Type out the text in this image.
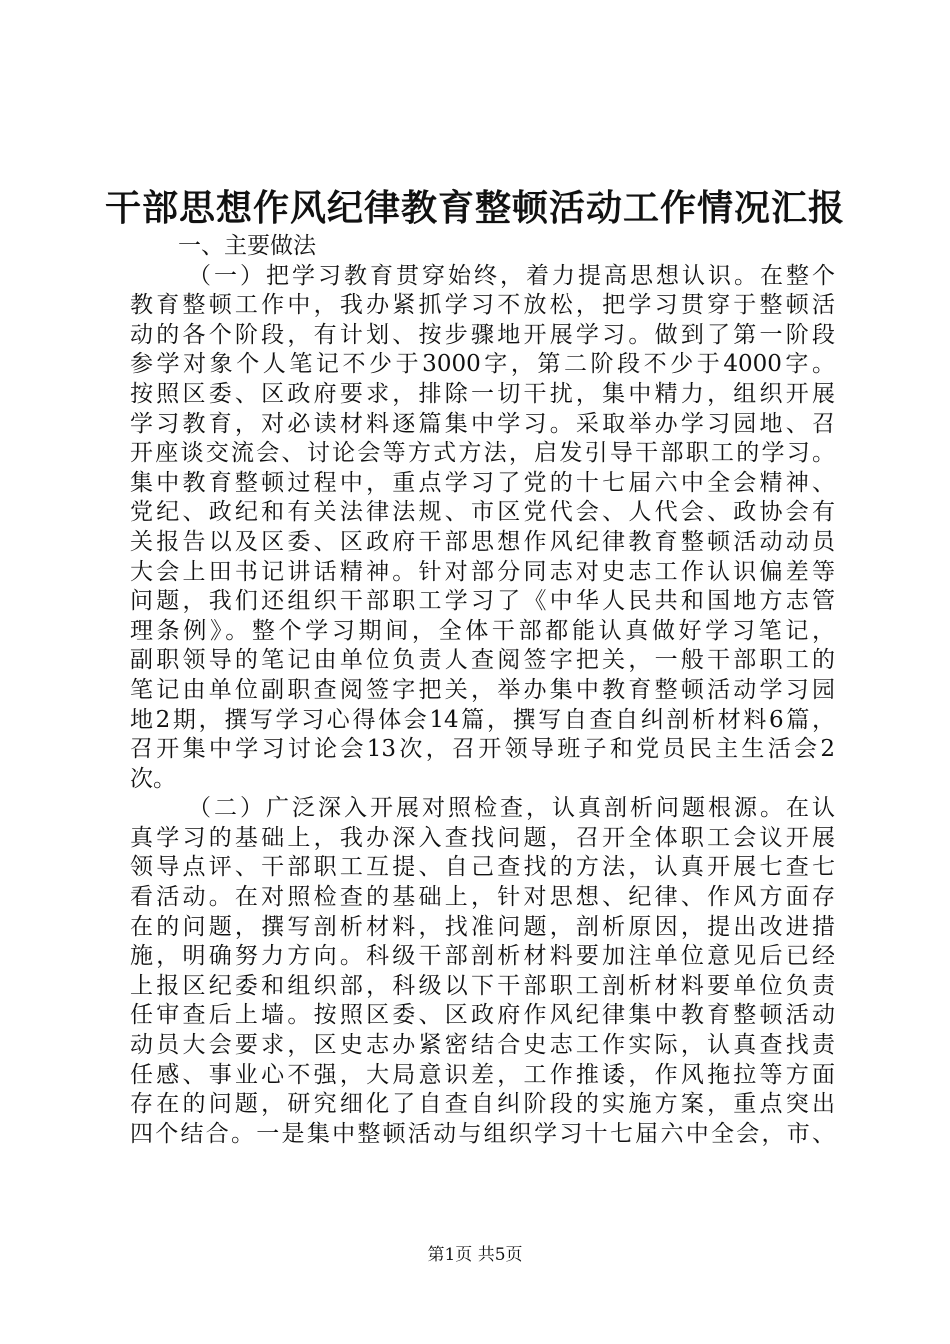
干部思想作风纪律教育整顿活动工作情况汇报

一、主要做法

（一）把学习教育贯穿始终，着力提高思想认识。在整个
教育整顿工作中，我办紧抓学习不放松，把学习贯穿于整顿活
动的各个阶段，有计划、按步骤地开展学习。做到了第一阶段
参学对象个人笔记不少于3000字，第二阶段不少于4000字。
按照区委、区政府要求，排除一切干扰，集中精力，组织开展
学习教育，对必读材料逐篇集中学习。采取举办学习园地、召
开座谈交流会、讨论会等方式方法，启发引导干部职工的学习。
集中教育整顿过程中，重点学习了党的十七届六中全会精神、
党纪、政纪和有关法律法规、市区党代会、人代会、政协会有
关报告以及区委、区政府干部思想作风纪律教育整顿活动动员
大会上田书记讲话精神。针对部分同志对史志工作认识偏差等
问题，我们还组织干部职工学习了《中华人民共和国地方志管
理条例》。整个学习期间，全体干部都能认真做好学习笔记，
副职领导的笔记由单位负责人查阅签字把关，一般干部职工的
笔记由单位副职查阅签字把关，举办集中教育整顿活动学习园
地2期，撰写学习心得体会14篇，撰写自查自纠剖析材料6篇，
召开集中学习讨论会13次，召开领导班子和党员民主生活会2
次。
（二）广泛深入开展对照检查，认真剖析问题根源。在认
真学习的基础上，我办深入查找问题，召开全体职工会议开展
领导点评、干部职工互提、自己查找的方法，认真开展七查七
看活动。在对照检查的基础上，针对思想、纪律、作风方面存
在的问题，撰写剖析材料，找准问题，剖析原因，提出改进措
施，明确努力方向。科级干部剖析材料要加注单位意见后已经
上报区纪委和组织部，科级以下干部职工剖析材料要单位负责
任审查后上墙。按照区委、区政府作风纪律集中教育整顿活动
动员大会要求，区史志办紧密结合史志工作实际，认真查找责
任感、事业心不强，大局意识差，工作推诿，作风拖拉等方面
存在的问题，研究细化了自查自纠阶段的实施方案，重点突出
四个结合。一是集中整顿活动与组织学习十七届六中全会，市、
第1页 共5页
